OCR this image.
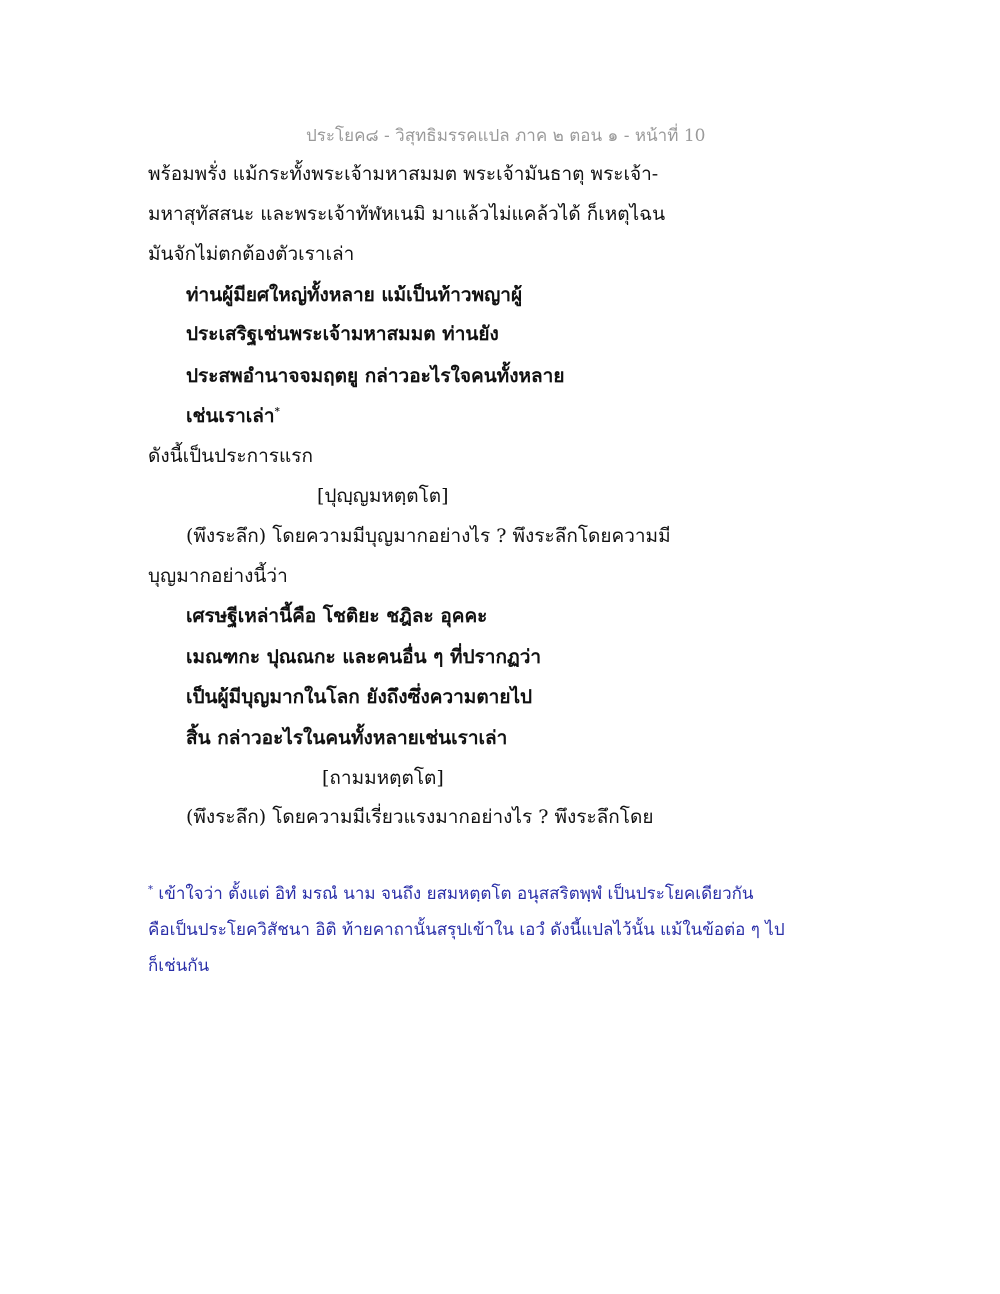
ประโยค๘ - วิสุทธิมรรคแปล ภาค ๒ ตอน ๑ - หน้าที่ 10
พร้อมพรั่ง แม้กระทั้งพระเจ้ามหาสมมต พระเจ้ามันธาตุ พระเจ้า-
มหาสุทัสสนะ และพระเจ้าทัฬหเนมิ มาแล้วไม่แคล้วได้ ก็เหตุไฉน
มันจักไม่ตกต้องตัวเราเล่า
ท่านผู้มียศใหญ่ทั้งหลาย แม้เป็นท้าวพญาผู้
ประเสริฐเช่นพระเจ้ามหาสมมต ท่านยัง
ประสพอำนาจจมฤตยู กล่าวอะไรใจคนทั้งหลาย
เช่นเราเล่า*
ดังนี้เป็นประการแรก
[ปุญฺญมหตฺตโต]
(พึงระลึก) โดยความมีบุญมากอย่างไร ? พึงระลึกโดยความมี
บุญมากอย่างนี้ว่า
เศรษฐีเหล่านี้คือ โชติยะ ชฎิละ อุคคะ
เมณฑกะ ปุณณกะ และคนอื่น ๆ ที่ปรากฏว่า
เป็นผู้มีบุญมากในโลก ยังถึงซึ่งความตายไป
สิ้น กล่าวอะไรในคนทั้งหลายเช่นเราเล่า
[ถามมหตฺตโต]
(พึงระลึก) โดยความมีเรี่ยวแรงมากอย่างไร ? พึงระลึกโดย
* เข้าใจว่า ตั้งแต่ อิทํ มรณํ นาม จนถึง ยสมหตฺตโต อนุสสริตพฺพํ เป็นประโยคเดียวกัน
คือเป็นประโยควิสัชนา อิติ ท้ายคาถานั้นสรุปเข้าใน เอวํ ดังนี้แปลไว้นั้น แม้ในข้อต่อ ๆ ไป
ก็เช่นกัน
